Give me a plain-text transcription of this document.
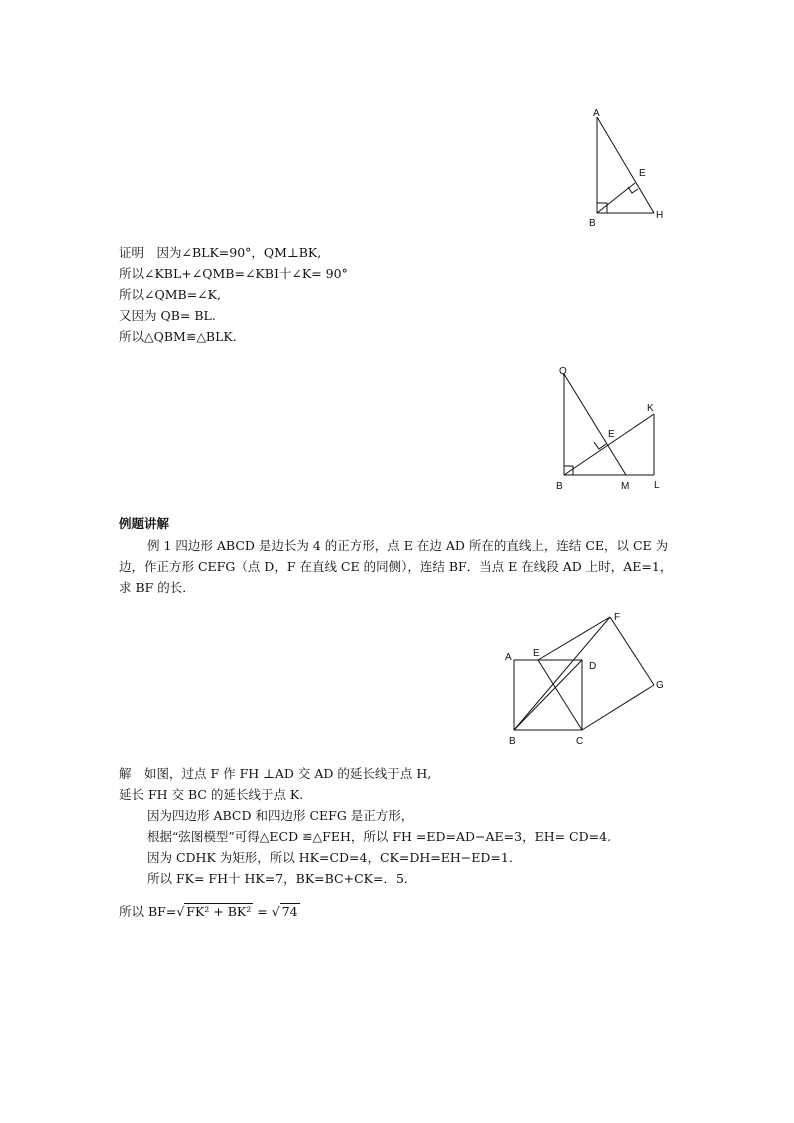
A
E
B
H
证明　因为∠BLK=90°，QM⊥BK,
所以∠KBL+∠QMB=∠KBI十∠K= 90°
所以∠QMB=∠K,
又因为 QB= BL.
所以△QBM≌△BLK.
Q
K
E
B	M L
例题讲解
例 1 四边形 ABCD 是边长为 4 的正方形，点 E 在边 AD 所在的直线上，连结 CE，以 CE 为
边，作正方形 CEFG（点 D，F 在直线 CE 的同侧），连结 BF．当点 E 在线段 AD 上时，AE=1，
求 BF 的长．
F
A E
D
G
B	C
解　如图，过点 F 作 FH ⊥AD 交 AD 的延长线于点 H,
延长 FH 交 BC 的延长线于点 K.
因为四边形 ABCD 和四边形 CEFG 是正方形，
根据“弦图模型”可得△ECD ≌△FEH，所以 FH =ED=AD−AE=3，EH= CD=4.
因为 CDHK 为矩形，所以 HK=CD=4，CK=DH=EH−ED=1.
所以 FK= FH十 HK=7，BK=BC+CK=．5.
所以 BF=√ FK² + BK² = √ 74
